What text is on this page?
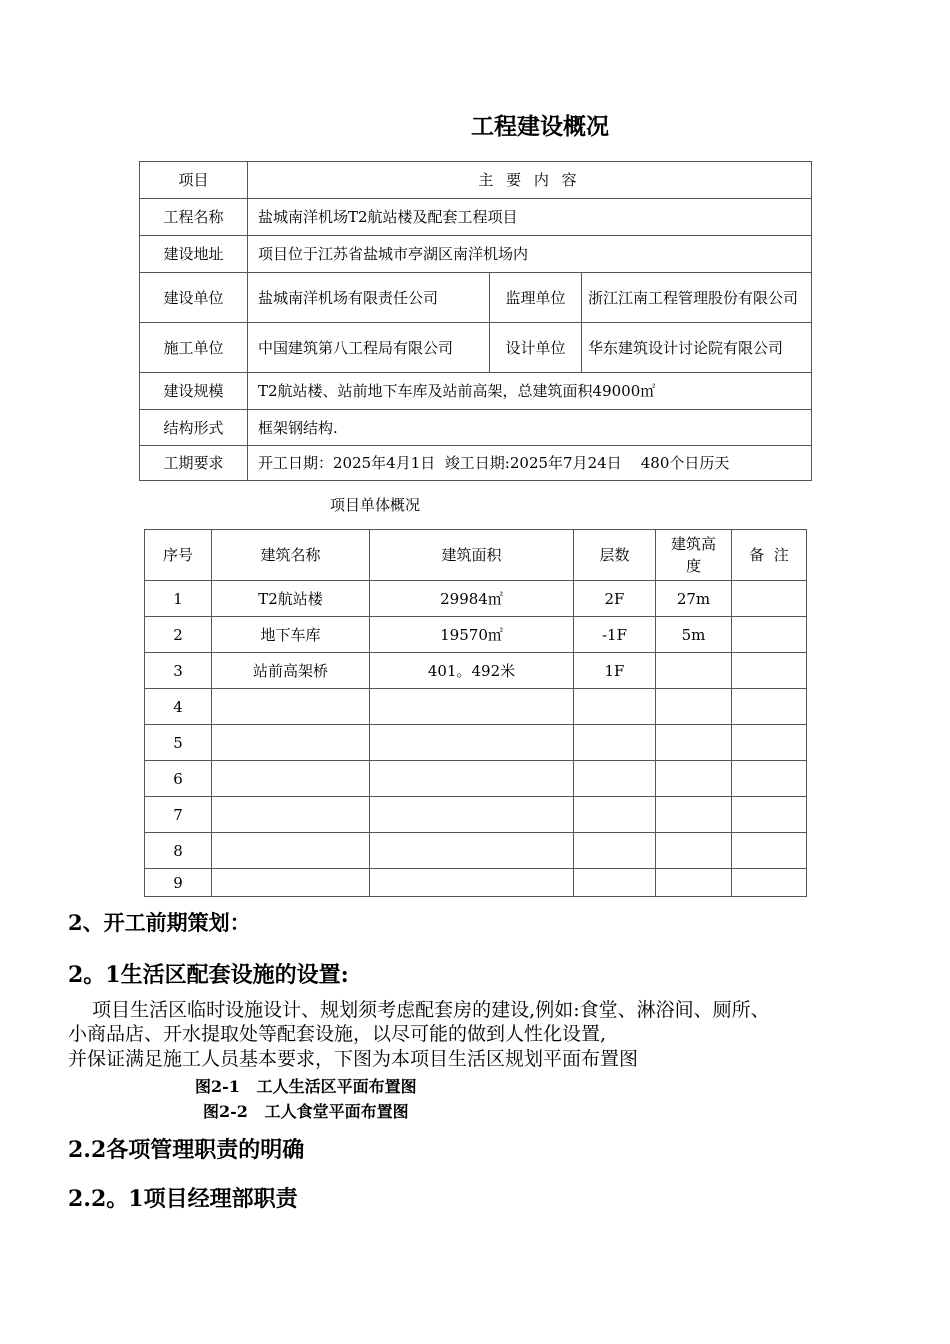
工程建设概况
项目	主 要 内 容		
工程名称	盐城南洋机场T2航站楼及配套工程项目		
建设地址	项目位于江苏省盐城市亭湖区南洋机场内		
建设单位	盐城南洋机场有限责任公司	监理单位	浙江江南工程管理股份有限公司
施工单位	中国建筑第八工程局有限公司	设计单位	华东建筑设计讨论院有限公司
建设规模	T2航站楼、站前地下车库及站前高架，总建筑面积49000㎡		
结构形式	框架钢结构.		
工期要求	开工日期：2025年4月1日  竣工日期:2025年7月24日    480个日历天		
项目单体概况
序号	建筑名称	建筑面积	层数	建筑高度	备  注
1	T2航站楼	29984㎡	2F	27m	
2	地下车库	19570㎡	-1F	5m	
3	站前高架桥	401。492米	1F		
4					
5					
6					
7					
8					
9					
2、开工前期策划：
2。1生活区配套设施的设置:
项目生活区临时设施设计、规划须考虑配套房的建设,例如:食堂、淋浴间、厕所、
小商品店、开水提取处等配套设施，以尽可能的做到人性化设置,
并保证满足施工人员基本要求，下图为本项目生活区规划平面布置图
图2-1   工人生活区平面布置图
图2-2   工人食堂平面布置图
2.2各项管理职责的明确
2.2。1项目经理部职责
